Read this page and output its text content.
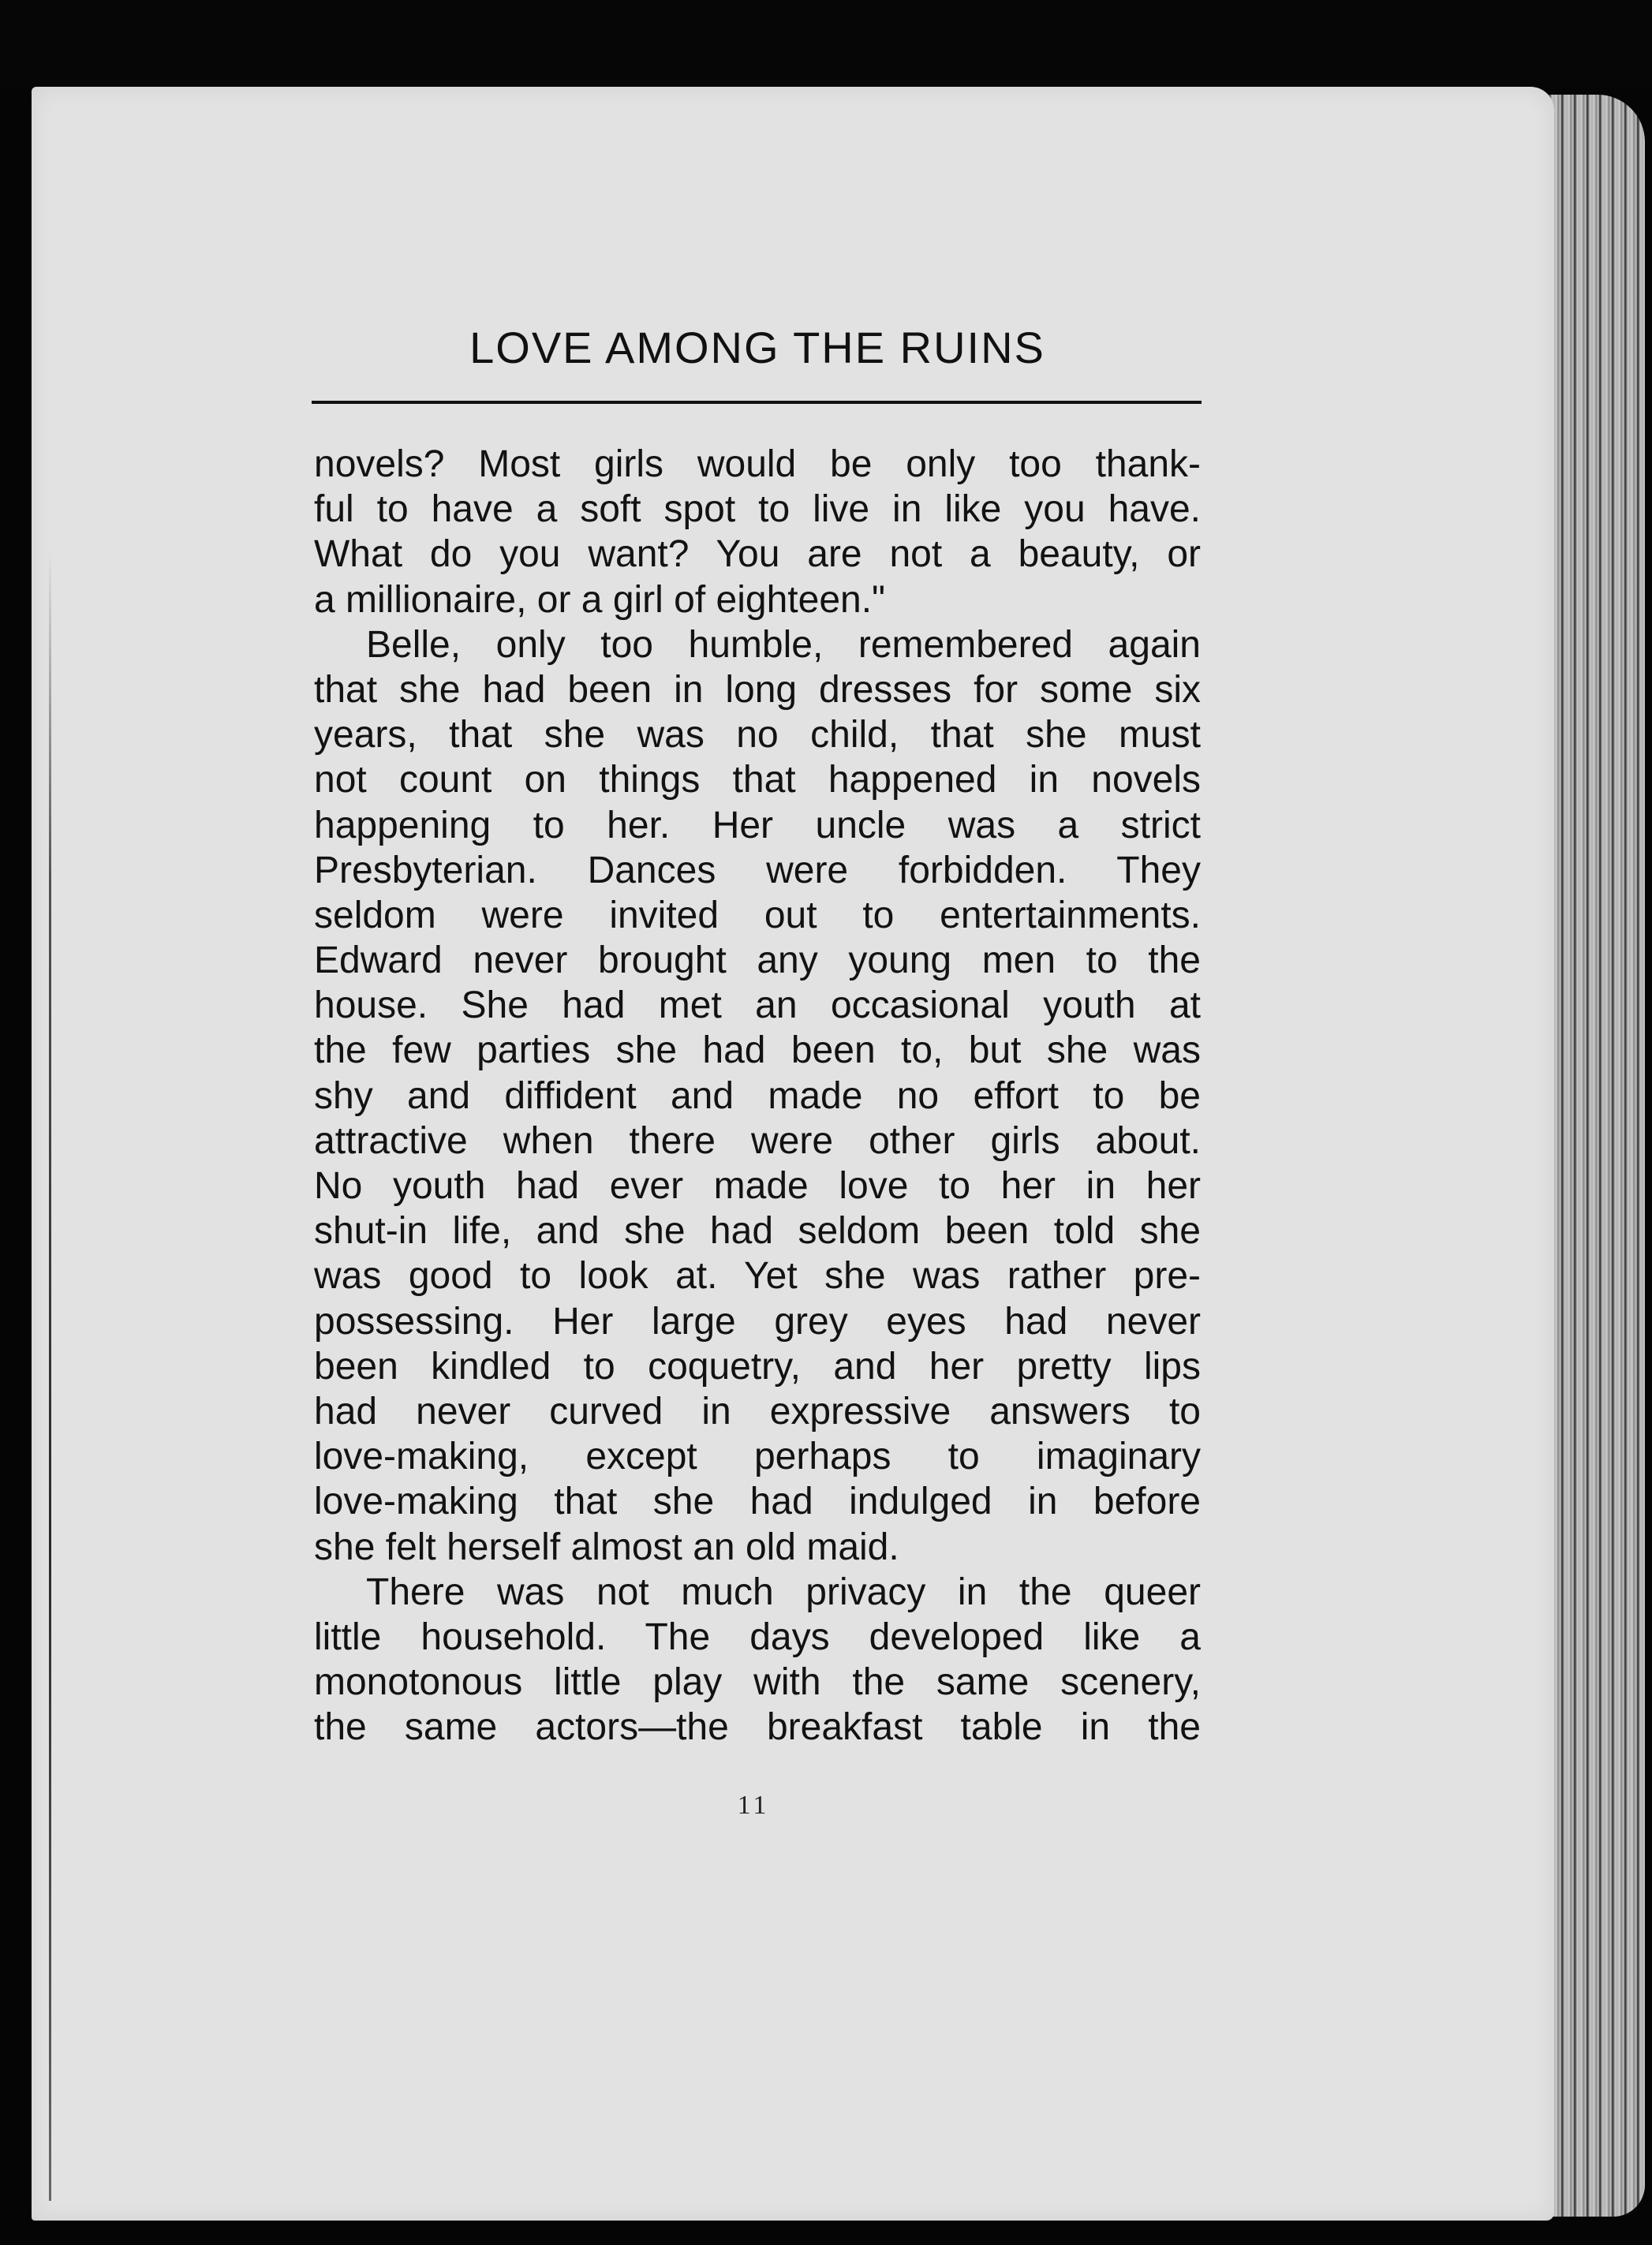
LOVE AMONG THE RUINS
novels? Most girls would be only too thank-
ful to have a soft spot to live in like you have.
What do you want? You are not a beauty, or
a millionaire, or a girl of eighteen."
Belle, only too humble, remembered again
that she had been in long dresses for some six
years, that she was no child, that she must
not count on things that happened in novels
happening to her. Her uncle was a strict
Presbyterian. Dances were forbidden. They
seldom were invited out to entertainments.
Edward never brought any young men to the
house. She had met an occasional youth at
the few parties she had been to, but she was
shy and diffident and made no effort to be
attractive when there were other girls about.
No youth had ever made love to her in her
shut-in life, and she had seldom been told she
was good to look at. Yet she was rather pre-
possessing. Her large grey eyes had never
been kindled to coquetry, and her pretty lips
had never curved in expressive answers to
love-making, except perhaps to imaginary
love-making that she had indulged in before
she felt herself almost an old maid.
There was not much privacy in the queer
little household. The days developed like a
monotonous little play with the same scenery,
the same actors—the breakfast table in the
11
